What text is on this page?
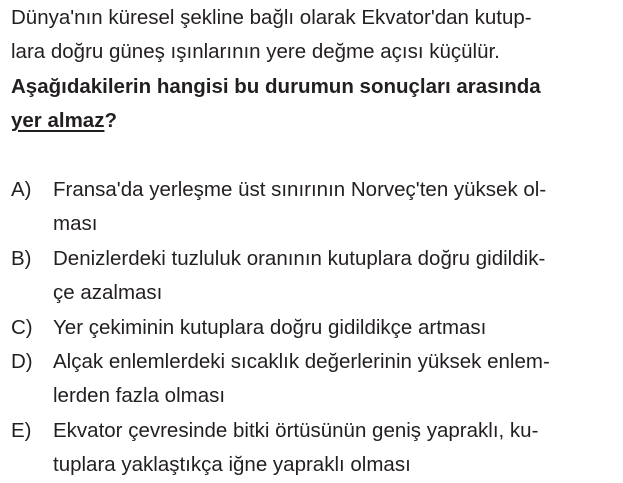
Dünya'nın küresel şekline bağlı olarak Ekvator'dan kutup-
lara doğru güneş ışınlarının yere değme açısı küçülür.
Aşağıdakilerin hangisi bu durumun sonuçları arasında
yer almaz?
A) Fransa'da yerleşme üst sınırının Norveç'ten yüksek ol-
ması
B) Denizlerdeki tuzluluk oranının kutuplara doğru gidildik-
çe azalması
C) Yer çekiminin kutuplara doğru gidildikçe artması
D) Alçak enlemlerdeki sıcaklık değerlerinin yüksek enlem-
lerden fazla olması
E) Ekvator çevresinde bitki örtüsünün geniş yapraklı, ku-
tuplara yaklaştıkça iğne yapraklı olması
